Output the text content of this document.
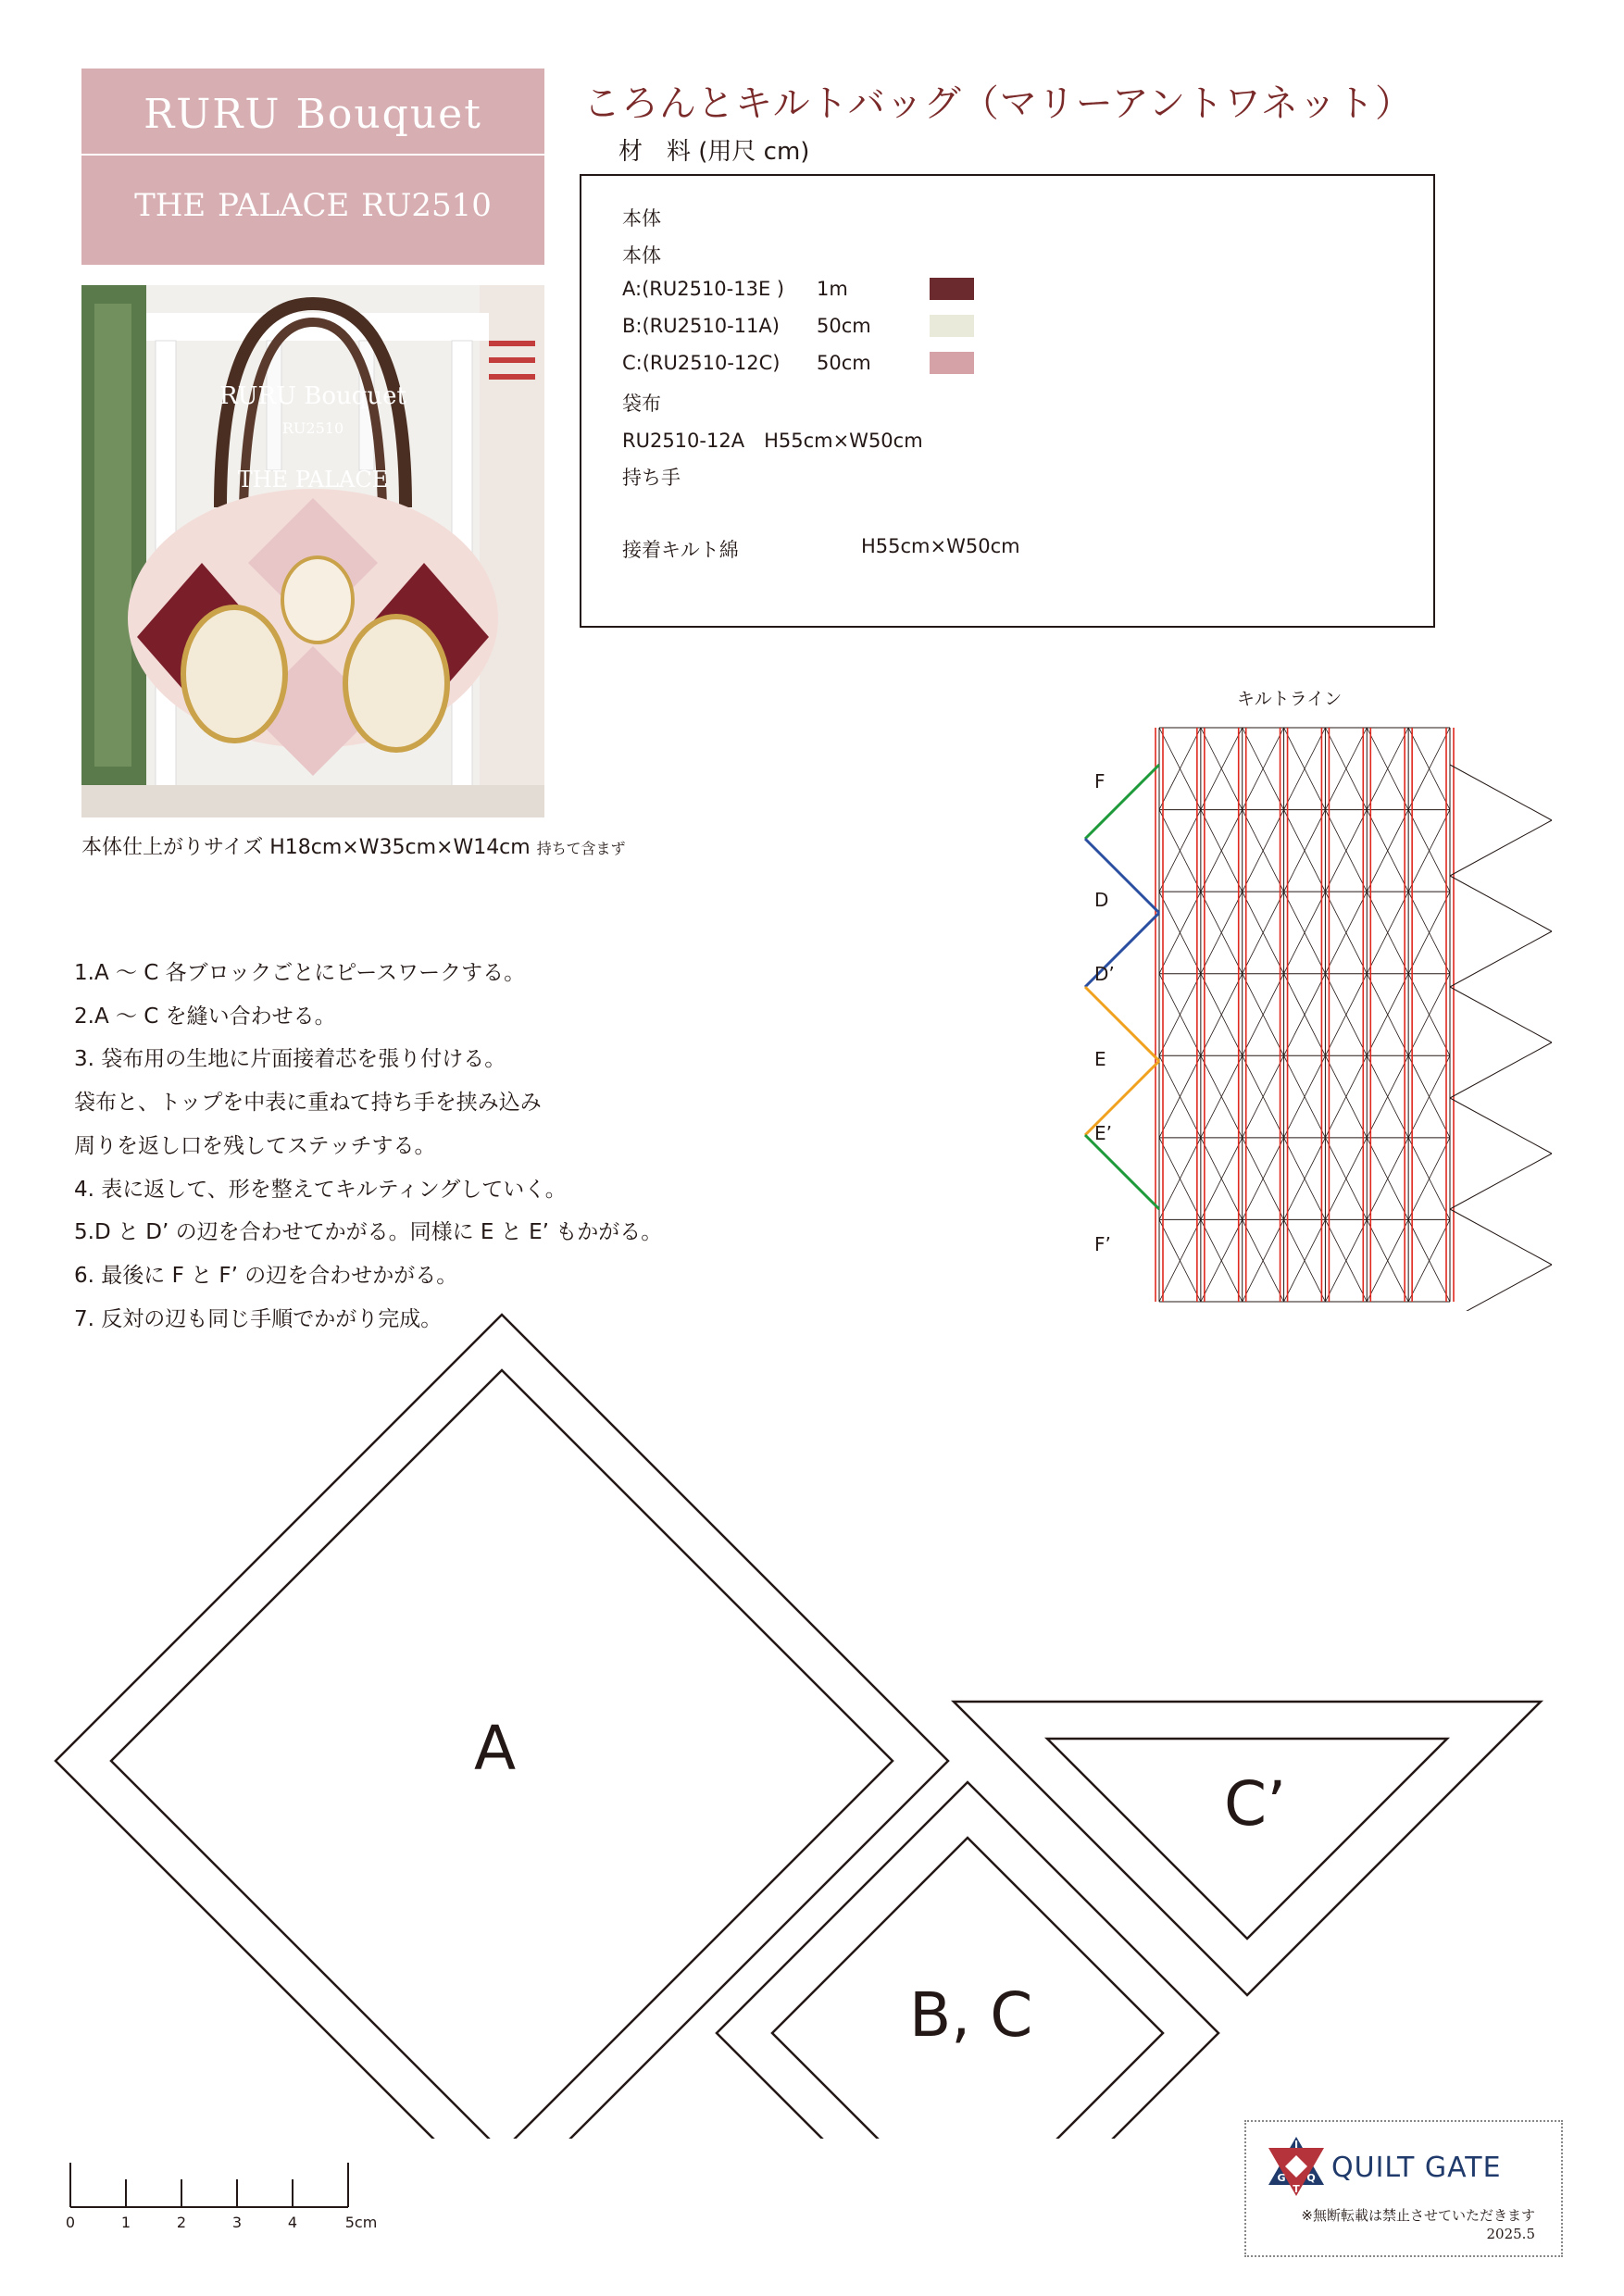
RURU Bouquet
THE PALACE RU2510
RURU Bouquet
RU2510
THE PALACE
本体仕上がりサイズ H18cm×W35cm×W14cm 持ちて含まず
ころんとキルトバッグ（マリーアントワネット）
材　料 (用尺 cm)
本体
本体
A:(RU2510-13E ) 1m
B:(RU2510-11A) 50cm
C:(RU2510-12C) 50cm
袋布
RU2510-12A　H55cm×W50cm
持ち手
接着キルト綿	H55cm×W50cm
1.A ～ C 各ブロックごとにピースワークする。
2.A ～ C を縫い合わせる。
3. 袋布用の生地に片面接着芯を張り付ける。
袋布と、トップを中表に重ねて持ち手を挟み込み
周りを返し口を残してステッチする。
4. 表に返して、形を整えてキルティングしていく。
5.D と D’ の辺を合わせてかがる。同様に E と E’ もかがる。
6. 最後に F と F’ の辺を合わせかがる。
7. 反対の辺も同じ手順でかがり完成。
キルトライン
F
D
D’
E
E’
F’
A
B, C
C’
0	1	2	3	4	5cm
I
G Q
T
QUILT GATE
※無断転載は禁止させていただきます
2025.5
